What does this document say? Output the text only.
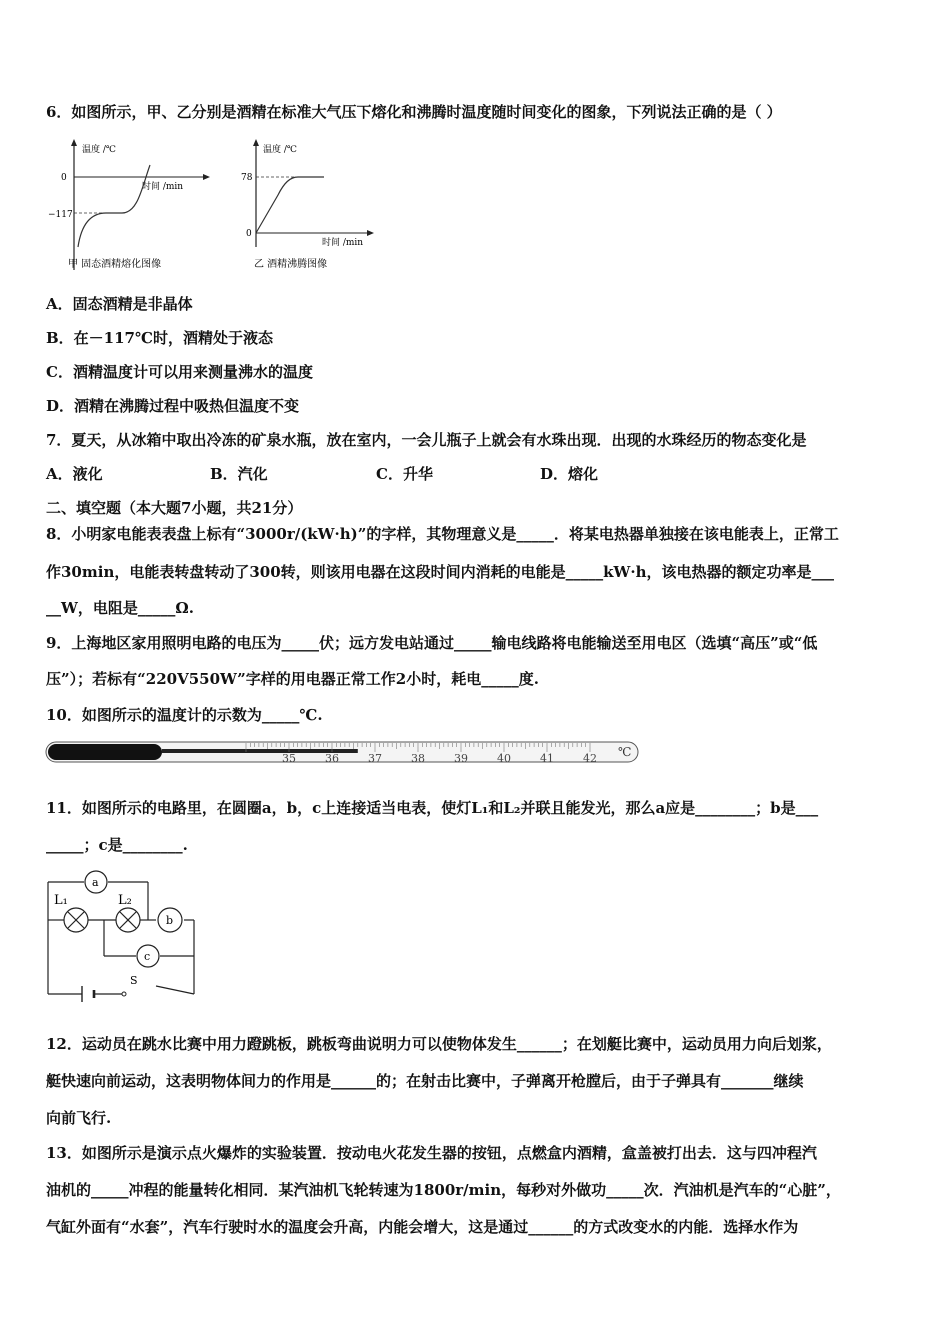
6．如图所示，甲、乙分别是酒精在标准大气压下熔化和沸腾时温度随时间变化的图象，下列说法正确的是（ ）
温度 /℃
时间 /min
0
−117
甲 固态酒精熔化图像
温度 /℃
时间 /min
78
0
乙 酒精沸腾图像
A．固态酒精是非晶体
B．在－117℃时，酒精处于液态
C．酒精温度计可以用来测量沸水的温度
D．酒精在沸腾过程中吸热但温度不变
7．夏天，从冰箱中取出冷冻的矿泉水瓶，放在室内，一会儿瓶子上就会有水珠出现．出现的水珠经历的物态变化是
A．液化	B．汽化	C．升华	D．熔化
二、填空题（本大题7小题，共21分）
8．小明家电能表表盘上标有“3000r/(kW·h)”的字样，其物理意义是_____．将某电热器单独接在该电能表上，正常工
作30min，电能表转盘转动了300转，则该用电器在这段时间内消耗的电能是_____kW·h，该电热器的额定功率是___
__W，电阻是_____Ω.
9．上海地区家用照明电路的电压为_____伏；远方发电站通过_____输电线路将电能输送至用电区（选填“高压”或“低
压”）；若标有“220V550W”字样的用电器正常工作2小时，耗电_____度.
10．如图所示的温度计的示数为_____℃.
35	36	37	38	39	40	41	42 ℃
11．如图所示的电路里，在圆圈a，b，c上连接适当电表，使灯L₁和L₂并联且能发光，那么a应是________；b是___
_____；c是________.
a
b
c
L₁	L₂
S
12．运动员在跳水比赛中用力蹬跳板，跳板弯曲说明力可以使物体发生______；在划艇比赛中，运动员用力向后划浆，
艇快速向前运动，这表明物体间力的作用是______的；在射击比赛中，子弹离开枪膛后，由于子弹具有_______继续
向前飞行.
13．如图所示是演示点火爆炸的实验装置．按动电火花发生器的按钮，点燃盒内酒精，盒盖被打出去．这与四冲程汽
油机的_____冲程的能量转化相同．某汽油机飞轮转速为1800r/min，每秒对外做功_____次．汽油机是汽车的“心脏”，
气缸外面有“水套”，汽车行驶时水的温度会升高，内能会增大，这是通过______的方式改变水的内能．选择水作为
